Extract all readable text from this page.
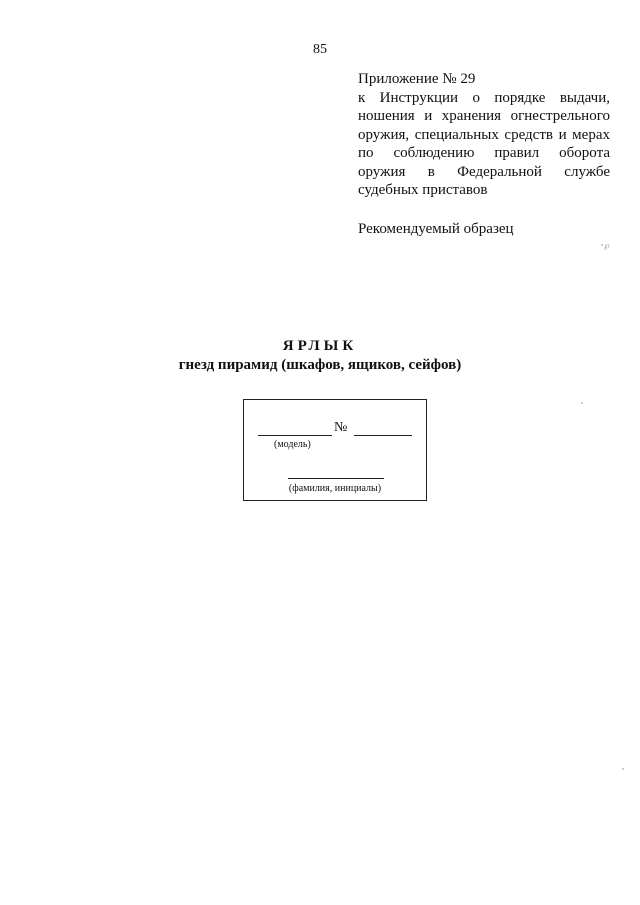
85
Приложение № 29
к Инструкции о порядке выдачи, ношения и хранения огнестрельного оружия, специальных средств и мерах по соблюдению правил оборота оружия в Федеральной службе судебных приставов
Рекомендуемый образец
℘
ЯРЛЫК
гнезд пирамид (шкафов, ящиков, сейфов)
№
(модель)
(фамилия, инициалы)
